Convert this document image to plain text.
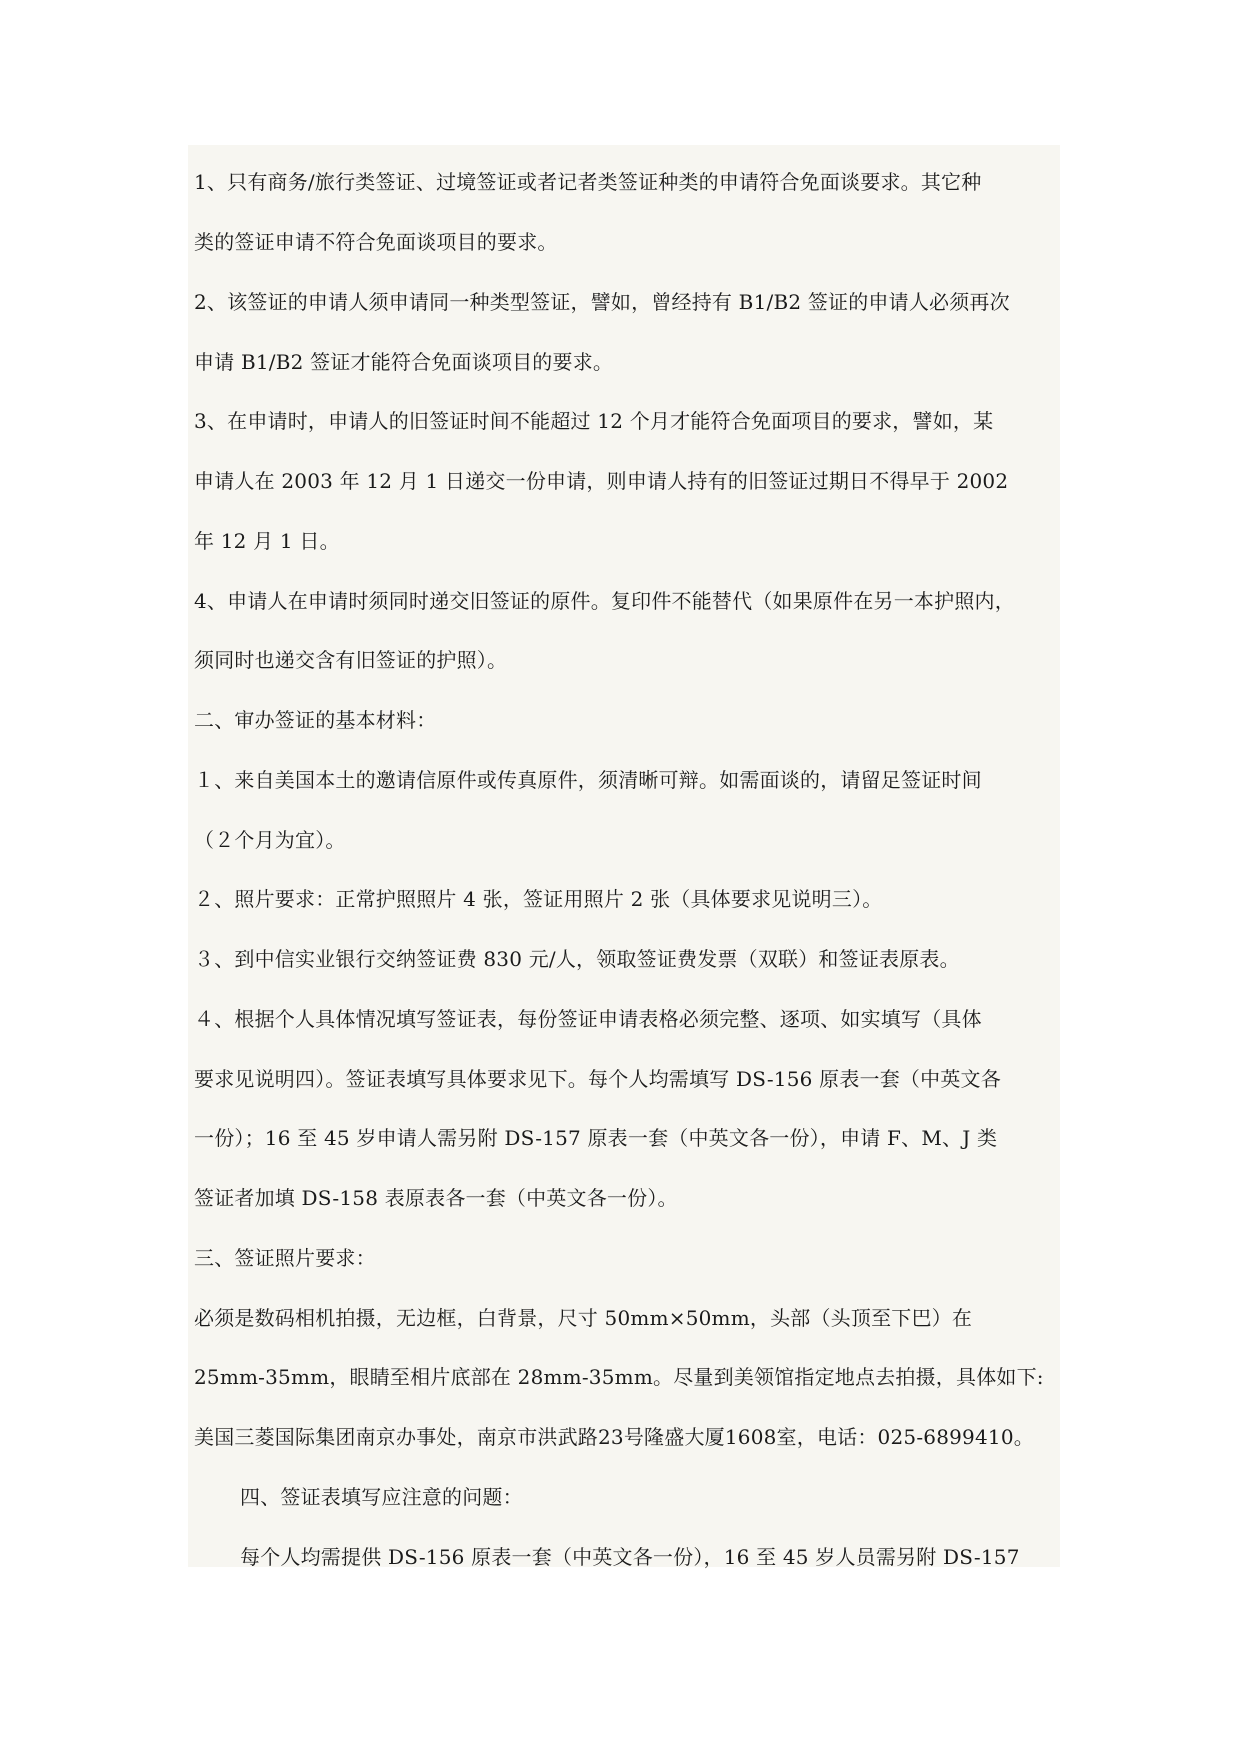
1、只有商务/旅行类签证、过境签证或者记者类签证种类的申请符合免面谈要求。其它种
类的签证申请不符合免面谈项目的要求。
2、该签证的申请人须申请同一种类型签证，譬如，曾经持有 B1/B2 签证的申请人必须再次
申请 B1/B2 签证才能符合免面谈项目的要求。
3、在申请时，申请人的旧签证时间不能超过 12 个月才能符合免面项目的要求，譬如，某
申请人在 2003 年 12 月 1 日递交一份申请，则申请人持有的旧签证过期日不得早于 2002
年 12 月 1 日。
4、申请人在申请时须同时递交旧签证的原件。复印件不能替代（如果原件在另一本护照内，
须同时也递交含有旧签证的护照）。
二、审办签证的基本材料：
１、来自美国本土的邀请信原件或传真原件，须清晰可辩。如需面谈的，请留足签证时间
（２个月为宜）。
２、照片要求：正常护照照片 4 张，签证用照片 2 张（具体要求见说明三）。
３、到中信实业银行交纳签证费 830 元/人，领取签证费发票（双联）和签证表原表。
４、根据个人具体情况填写签证表，每份签证申请表格必须完整、逐项、如实填写（具体
要求见说明四）。签证表填写具体要求见下。每个人均需填写 DS-156 原表一套（中英文各
一份）；16 至 45 岁申请人需另附 DS-157 原表一套（中英文各一份），申请 F、M、J 类
签证者加填 DS-158 表原表各一套（中英文各一份）。
三、签证照片要求：
必须是数码相机拍摄，无边框，白背景，尺寸 50mm×50mm，头部（头顶至下巴）在
25mm-35mm，眼睛至相片底部在 28mm-35mm。尽量到美领馆指定地点去拍摄，具体如下:
美国三菱国际集团南京办事处，南京市洪武路23号隆盛大厦1608室，电话：025-6899410。
四、签证表填写应注意的问题：
每个人均需提供 DS-156 原表一套（中英文各一份），16 至 45 岁人员需另附 DS-157
